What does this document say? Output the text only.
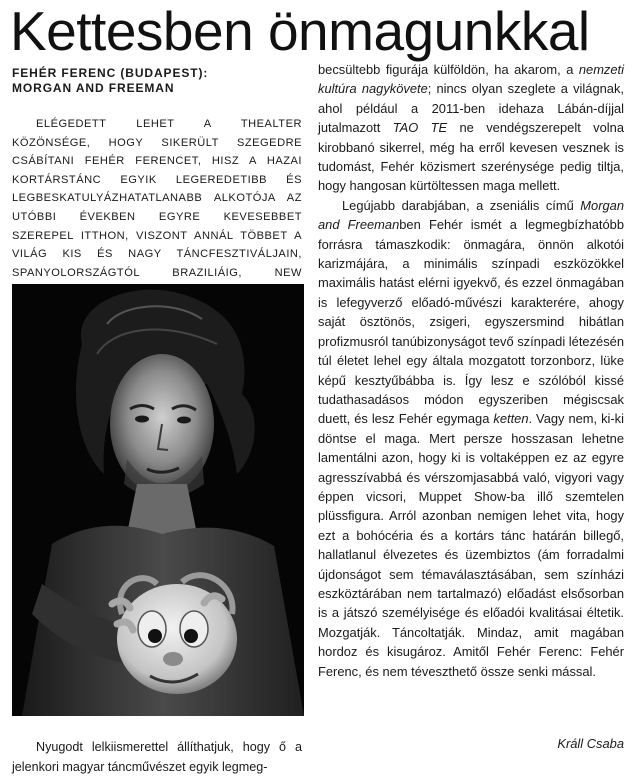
Kettesben önmagunkkal
FEHÉR FERENC (BUDAPEST):
MORGAN AND FREEMAN

ELÉGEDETT LEHET A THEALTER KÖZÖNSÉGE, HOGY SIKERÜLT SZEGEDRE CSÁBÍTANI FEHÉR FERENCET, HISZ A HAZAI KORTÁRSTÁNC EGYIK LEGEREDETIBB ÉS LEGBESKATULYÁZHATATLANABB ALKOTÓJA AZ UTÓBBI ÉVEKBEN EGYRE KEVESEBBET SZEREPEL ITTHON, VISZONT ANNÁL TÖBBET A VILÁG KIS ÉS NAGY TÁNCFESZTIVÁLJAIN, SPANYOLORSZÁGTÓL BRAZILIÁIG, NEW

Nyugodt lelkiismerettel állíthatjuk, hogy ő a jelenkori magyar táncművészet egyik legmeg-

becsültebb figurája külföldön, ha akarom, a nemzeti kultúra nagykövete; nincs olyan szeglete a világnak, ahol például a 2011-ben idehaza Lábán-díjjal jutalmazott TAO TE ne vendégszerepelt volna kirobbanó sikerrel, még ha erről kevesen vesznek is tudomást, Fehér közismert szerénysége pedig tiltja, hogy hangosan kürtöltessen maga mellett.

Legújabb darabjában, a zseniális című Morgan and Freemanben Fehér ismét a legmegbízhatóbb forrásra támaszkodik: önmagára, önnön alkotói karizmájára, a minimális színpadi eszközökkel maximális hatást elérni igyekvő, és ezzel önmagában is lefegyverző előadó-művészi karakterére, ahogy saját ösztönös, zsigeri, egyszersmind hibátlan profizmusról tanúbizonyságot tevő színpadi létezésén túl életet lehel egy általa mozgatott torzonborz, lüke képű kesztyűbábba is. Így lesz e szólóból kissé tudathasadásos módon egyszeriben mégiscsak duett, és lesz Fehér egymaga ketten. Vagy nem, ki-ki döntse el maga. Mert persze hosszasan lehetne lamentálni azon, hogy ki is voltaképpen ez az egyre agresszívabbá és vérszomjasabbá való, vigyori vagy éppen vicsori, Muppet Show-ba illő szemtelen plüssfigura. Arról azonban nemigen lehet vita, hogy ezt a bohócéria és a kortárs tánc határán billegő, hallatlanul élvezetes és üzembiztos (ám forradalmi újdonságot sem témaválasztásában, sem színházi eszköztárában nem tartalmazó) előadást elsősorban is a játszó személyisége és előadói kvalitásai éltetik. Mozgatják. Táncoltatják. Mindaz, amit magában hordoz és kisugároz. Amitől Fehér Ferenc: Fehér Ferenc, és nem téveszthető össze senki mással.

Králl Csaba
